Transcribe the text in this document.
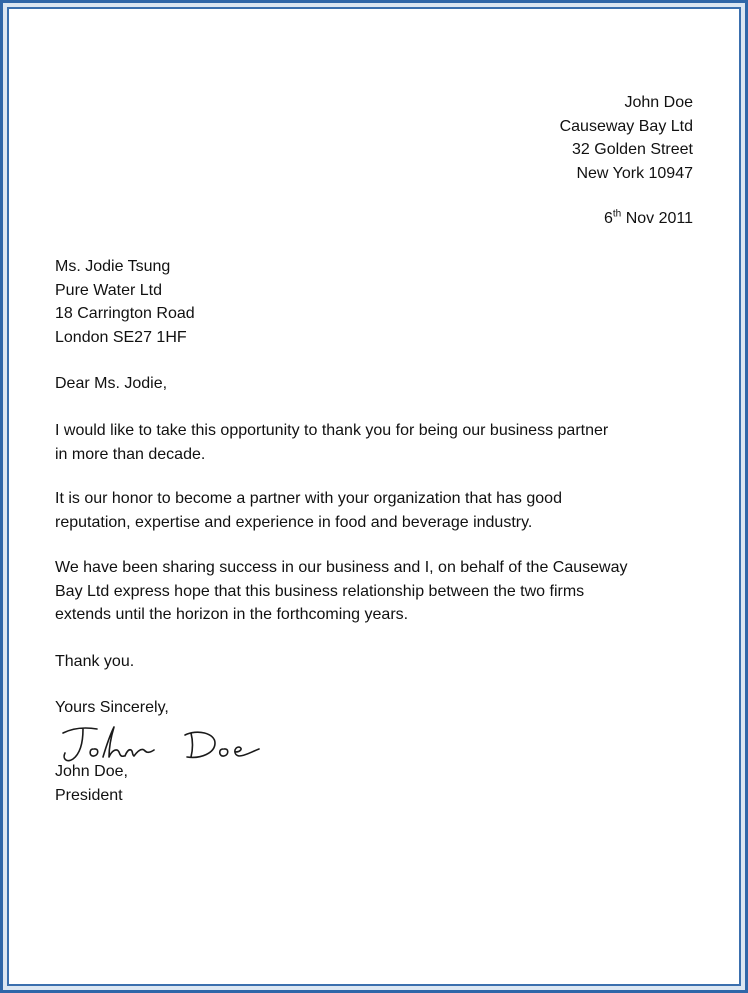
John Doe
Causeway Bay Ltd
32 Golden Street
New York 10947
6th Nov 2011
Ms. Jodie Tsung
Pure Water Ltd
18 Carrington Road
London SE27 1HF
Dear Ms. Jodie,
I would like to take this opportunity to thank you for being our business partner
in more than decade.
It is our honor to become a partner with your organization that has good
reputation, expertise and experience in food and beverage industry.
We have been sharing success in our business and I, on behalf of the Causeway
Bay Ltd express hope that this business relationship between the two firms
extends until the horizon in the forthcoming years.
Thank you.
Yours Sincerely,
John Doe,
President
